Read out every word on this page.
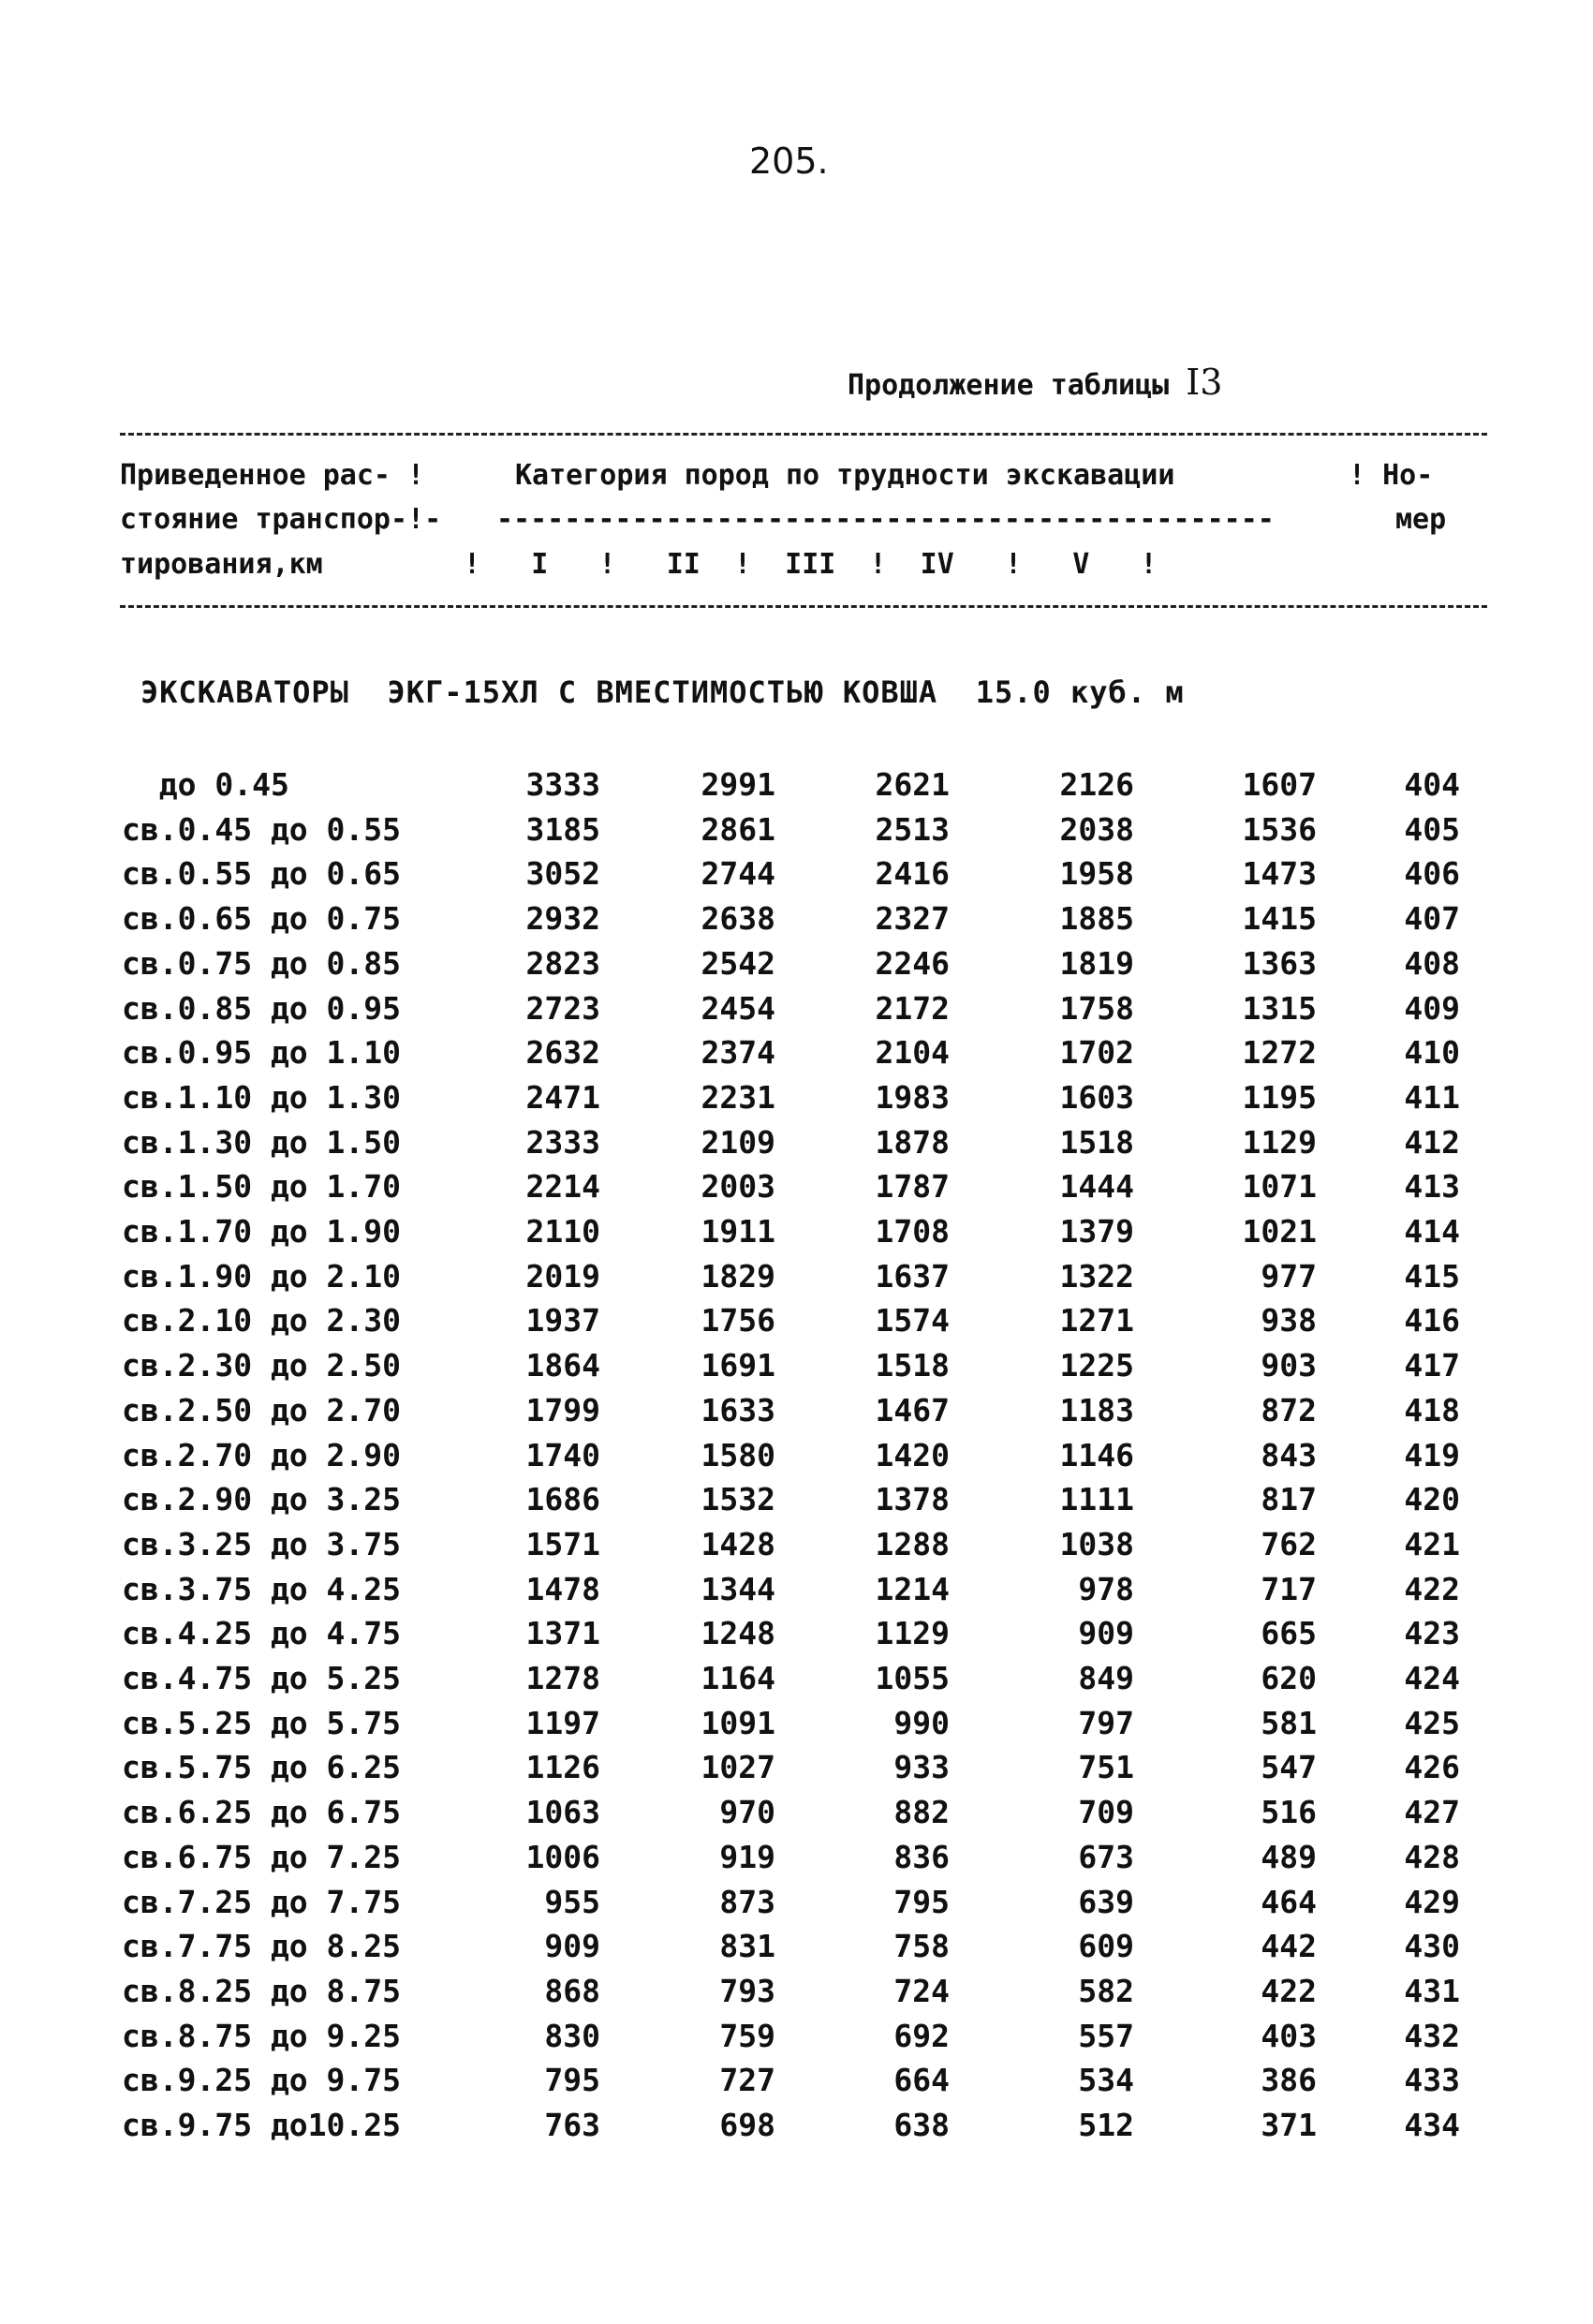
205.
Продолжение таблицы I3
Приведенное рас- !	Категория пород по трудности экскавации	! Но-
стояние транспор-!- ----------------------------------------------	мер
тирования,км	!   I   !   II  !  III  !  IV   !   V   !
ЭКСКАВАТОРЫ  ЭКГ-15ХЛ С ВМЕСТИМОСТЬЮ КОВША  15.0 куб. м
до 0.45	3333	2991	2621	2126	1607	404
св.0.45 до 0.55	3185	2861	2513	2038	1536	405
св.0.55 до 0.65	3052	2744	2416	1958	1473	406
св.0.65 до 0.75	2932	2638	2327	1885	1415	407
св.0.75 до 0.85	2823	2542	2246	1819	1363	408
св.0.85 до 0.95	2723	2454	2172	1758	1315	409
св.0.95 до 1.10	2632	2374	2104	1702	1272	410
св.1.10 до 1.30	2471	2231	1983	1603	1195	411
св.1.30 до 1.50	2333	2109	1878	1518	1129	412
св.1.50 до 1.70	2214	2003	1787	1444	1071	413
св.1.70 до 1.90	2110	1911	1708	1379	1021	414
св.1.90 до 2.10	2019	1829	1637	1322	977	415
св.2.10 до 2.30	1937	1756	1574	1271	938	416
св.2.30 до 2.50	1864	1691	1518	1225	903	417
св.2.50 до 2.70	1799	1633	1467	1183	872	418
св.2.70 до 2.90	1740	1580	1420	1146	843	419
св.2.90 до 3.25	1686	1532	1378	1111	817	420
св.3.25 до 3.75	1571	1428	1288	1038	762	421
св.3.75 до 4.25	1478	1344	1214	978	717	422
св.4.25 до 4.75	1371	1248	1129	909	665	423
св.4.75 до 5.25	1278	1164	1055	849	620	424
св.5.25 до 5.75	1197	1091	990	797	581	425
св.5.75 до 6.25	1126	1027	933	751	547	426
св.6.25 до 6.75	1063	970	882	709	516	427
св.6.75 до 7.25	1006	919	836	673	489	428
св.7.25 до 7.75	955	873	795	639	464	429
св.7.75 до 8.25	909	831	758	609	442	430
св.8.25 до 8.75	868	793	724	582	422	431
св.8.75 до 9.25	830	759	692	557	403	432
св.9.25 до 9.75	795	727	664	534	386	433
св.9.75 до10.25	763	698	638	512	371	434
